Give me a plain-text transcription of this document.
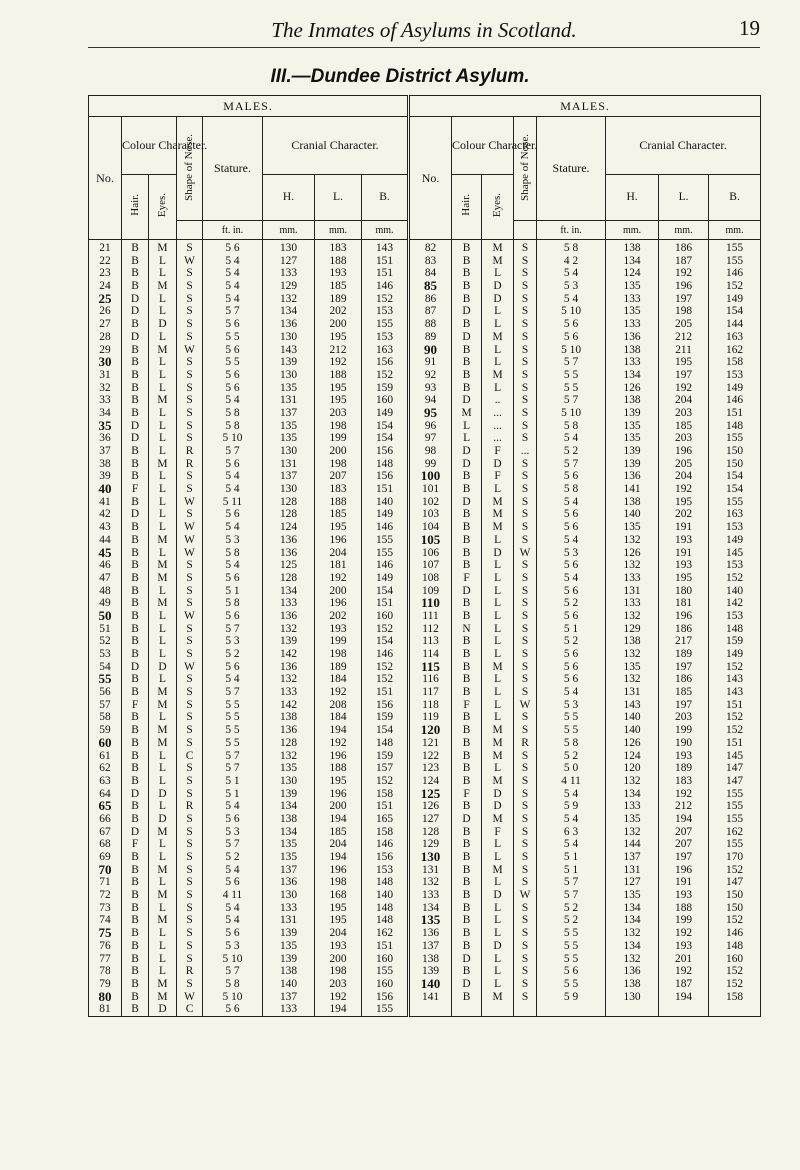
The Inmates of Asylums in Scotland.	19
III.—Dundee District Asylum.
MALES.								MALES.							
No.	Colour Character.		Shape of Nose.	Stature.	Cranial Character.			No.	Colour Character.		Shape of Nose.	Stature.	Cranial Character.		
	Hair.	Eyes.			H.	L.	B.		Hair.	Eyes.			H.	L.	B.
				ft. in.	mm.	mm.	mm.					ft. in.	mm.	mm.	mm.
21	B	M	S	5 6	130	183	143	82	B	M	S	5 8	138	186	155
22	B	L	W	5 4	127	188	151	83	B	M	S	4 2	134	187	155
23	B	L	S	5 4	133	193	151	84	B	L	S	5 4	124	192	146
24	B	M	S	5 4	129	185	146	85	B	D	S	5 3	135	196	152
25	D	L	S	5 4	132	189	152	86	B	D	S	5 4	133	197	149
26	D	L	S	5 7	134	202	153	87	D	L	S	5 10	135	198	154
27	B	D	S	5 6	136	200	155	88	B	L	S	5 6	133	205	144
28	D	L	S	5 5	130	195	153	89	D	M	S	5 6	136	212	163
29	B	M	W	5 6	143	212	163	90	B	L	S	5 10	138	211	162
30	B	L	S	5 5	139	192	156	91	B	L	S	5 7	133	195	158
31	B	L	S	5 6	130	188	152	92	B	M	S	5 5	134	197	153
32	B	L	S	5 6	135	195	159	93	B	L	S	5 5	126	192	149
33	B	M	S	5 4	131	195	160	94	D	..	S	5 7	138	204	146
34	B	L	S	5 8	137	203	149	95	M	...	S	5 10	139	203	151
35	D	L	S	5 8	135	198	154	96	L	...	S	5 8	135	185	148
36	D	L	S	5 10	135	199	154	97	L	...	S	5 4	135	203	155
37	B	L	R	5 7	130	200	156	98	D	F	...	5 2	139	196	150
38	B	M	R	5 6	131	198	148	99	D	D	S	5 7	139	205	150
39	B	L	S	5 4	137	207	156	100	B	F	S	5 6	136	204	154
40	F	L	S	5 4	130	183	151	101	B	L	S	5 8	141	192	154
41	B	L	W	5 11	128	188	140	102	D	M	S	5 4	138	195	155
42	D	L	S	5 6	128	185	149	103	B	M	S	5 6	140	202	163
43	B	L	W	5 4	124	195	146	104	B	M	S	5 6	135	191	153
44	B	M	W	5 3	136	196	155	105	B	L	S	5 4	132	193	149
45	B	L	W	5 8	136	204	155	106	B	D	W	5 3	126	191	145
46	B	M	S	5 4	125	181	146	107	B	L	S	5 6	132	193	153
47	B	M	S	5 6	128	192	149	108	F	L	S	5 4	133	195	152
48	B	L	S	5 1	134	200	154	109	D	L	S	5 6	131	180	140
49	B	M	S	5 8	133	196	151	110	B	L	S	5 2	133	181	142
50	B	L	W	5 6	136	202	160	111	B	L	S	5 6	132	196	153
51	B	L	S	5 7	132	193	152	112	N	L	S	5 1	129	186	148
52	B	L	S	5 3	139	199	154	113	B	L	S	5 2	138	217	159
53	B	L	S	5 2	142	198	146	114	B	L	S	5 6	132	189	149
54	D	D	W	5 6	136	189	152	115	B	M	S	5 6	135	197	152
55	B	L	S	5 4	132	184	152	116	B	L	S	5 6	132	186	143
56	B	M	S	5 7	133	192	151	117	B	L	S	5 4	131	185	143
57	F	M	S	5 5	142	208	156	118	F	L	W	5 3	143	197	151
58	B	L	S	5 5	138	184	159	119	B	L	S	5 5	140	203	152
59	B	M	S	5 5	136	194	154	120	B	M	S	5 5	140	199	152
60	B	M	S	5 5	128	192	148	121	B	M	R	5 8	126	190	151
61	B	L	C	5 7	132	196	159	122	B	M	S	5 2	124	193	145
62	B	L	S	5 7	135	188	157	123	B	L	S	5 0	120	189	147
63	B	L	S	5 1	130	195	152	124	B	M	S	4 11	132	183	147
64	D	D	S	5 1	139	196	158	125	F	D	S	5 4	134	192	155
65	B	L	R	5 4	134	200	151	126	B	D	S	5 9	133	212	155
66	B	D	S	5 6	138	194	165	127	D	M	S	5 4	135	194	155
67	D	M	S	5 3	134	185	158	128	B	F	S	6 3	132	207	162
68	F	L	S	5 7	135	204	146	129	B	L	S	5 4	144	207	155
69	B	L	S	5 2	135	194	156	130	B	L	S	5 1	137	197	170
70	B	M	S	5 4	137	196	153	131	B	M	S	5 1	131	196	152
71	B	L	S	5 6	136	198	148	132	B	L	S	5 7	127	191	147
72	B	M	S	4 11	130	168	140	133	B	D	W	5 7	135	193	150
73	B	L	S	5 4	133	195	148	134	B	L	S	5 2	134	188	150
74	B	M	S	5 4	131	195	148	135	B	L	S	5 2	134	199	152
75	B	L	S	5 6	139	204	162	136	B	L	S	5 5	132	192	146
76	B	L	S	5 3	135	193	151	137	B	D	S	5 5	134	193	148
77	B	L	S	5 10	139	200	160	138	D	L	S	5 5	132	201	160
78	B	L	R	5 7	138	198	155	139	B	L	S	5 6	136	192	152
79	B	M	S	5 8	140	203	160	140	D	L	S	5 5	138	187	152
80	B	M	W	5 10	137	192	156	141	B	M	S	5 9	130	194	158
81	B	D	C	5 6	133	194	155								
